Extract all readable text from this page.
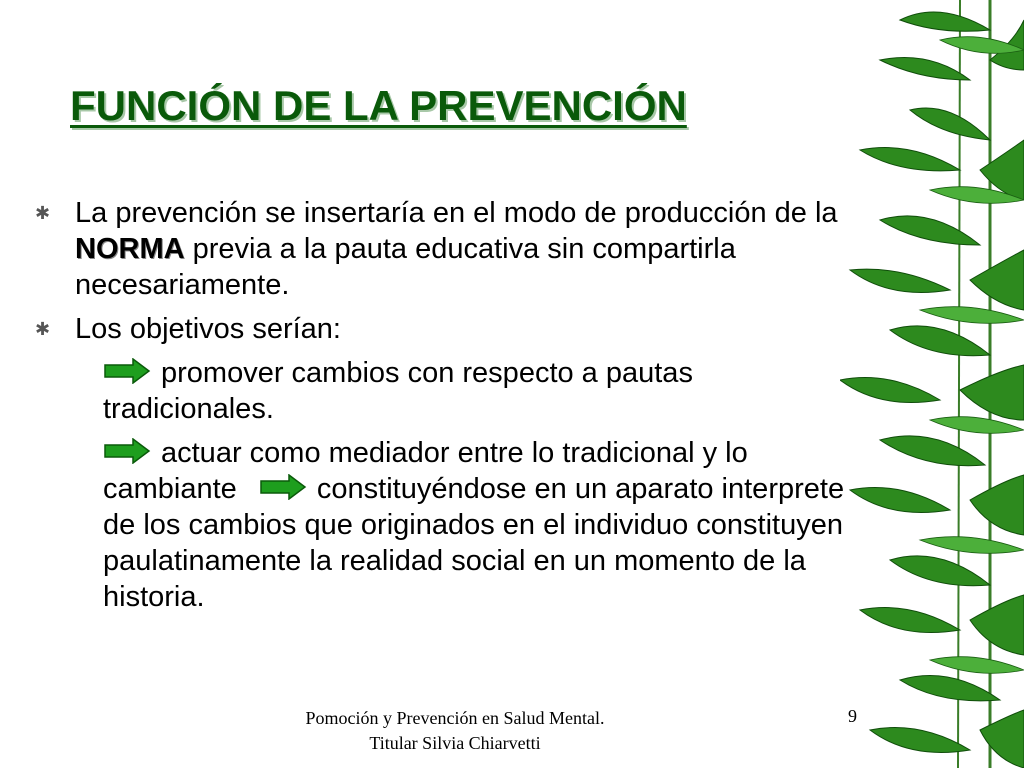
FUNCIÓN DE LA PREVENCIÓN
✱ La prevención se insertaría en el modo de producción de la NORMA previa a la pauta educativa sin compartirla necesariamente.
✱ Los objetivos serían:
promover cambios con respecto a pautas tradicionales.
actuar como mediador entre lo tradicional y lo cambiante	constituyéndose en un aparato interprete de los cambios que originados en el individuo constituyen paulatinamente la realidad social en un momento de la historia.
Pomoción y Prevención en Salud Mental.
Titular Silvia Chiarvetti
9
